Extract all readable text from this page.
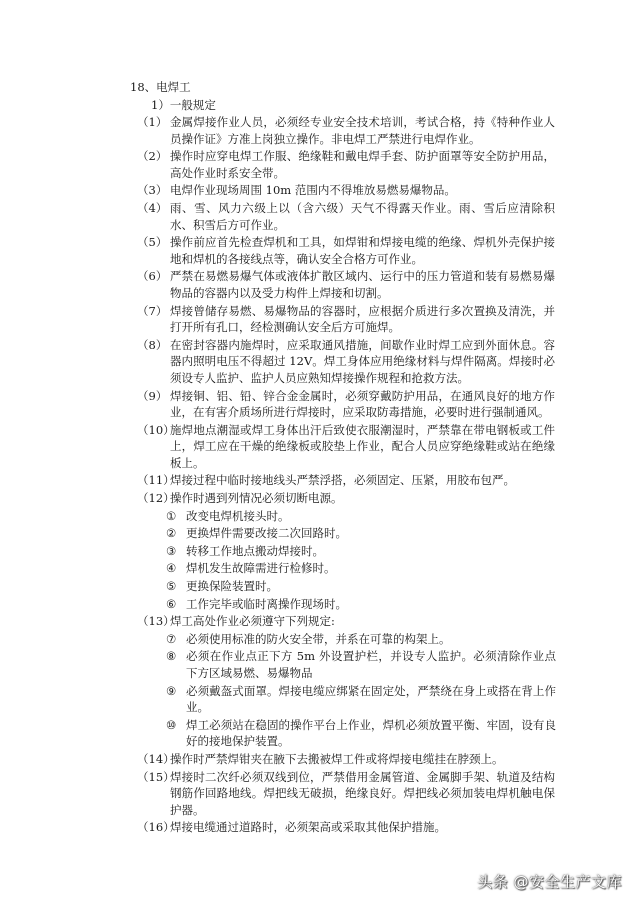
18、电焊工
1）一般规定
（1） 金属焊接作业人员，必须经专业安全技术培训，考试合格，持《特种作业人员操作证》方准上岗独立操作。非电焊工严禁进行电焊作业。
（2） 操作时应穿电焊工作服、绝缘鞋和戴电焊手套、防护面罩等安全防护用品，高处作业时系安全带。
（3） 电焊作业现场周围 10m 范围内不得堆放易燃易爆物品。
（4） 雨、雪、风力六级上以（含六级）天气不得露天作业。雨、雪后应清除积水、积雪后方可作业。
（5） 操作前应首先检查焊机和工具，如焊钳和焊接电缆的绝缘、焊机外壳保护接地和焊机的各接线点等，确认安全合格方可作业。
（6） 严禁在易燃易爆气体或液体扩散区域内、运行中的压力管道和装有易燃易爆物品的容器内以及受力构件上焊接和切割。
（7） 焊接曾储存易燃、易爆物品的容器时，应根据介质进行多次置换及清洗，并打开所有孔口，经检测确认安全后方可施焊。
（8） 在密封容器内施焊时，应采取通风措施，间歇作业时焊工应到外面休息。容器内照明电压不得超过 12V。焊工身体应用绝缘材料与焊件隔离。焊接时必须设专人监护、监护人员应熟知焊接操作规程和抢救方法。
（9） 焊接铜、铝、铅、锌合金金属时，必须穿戴防护用品，在通风良好的地方作业，在有害介质场所进行焊接时，应采取防毒措施，必要时进行强制通风。
（10）
施焊地点潮湿或焊工身体出汗后致使衣服潮湿时，严禁靠在带电钢板或工件上，焊工应在干燥的绝缘板或胶垫上作业，配合人员应穿绝缘鞋或站在绝缘板上。
（11）
焊接过程中临时接地线头严禁浮搭，必须固定、压紧，用胶布包严。
（12）
操作时遇到列情况必须切断电源。
① 改变电焊机接头时。
② 更换焊件需要改接二次回路时。
③ 转移工作地点搬动焊接时。
④ 焊机发生故障需进行检修时。
⑤ 更换保险装置时。
⑥ 工作完毕或临时离操作现场时。
（13）
焊工高处作业必须遵守下列规定:
⑦ 必须使用标准的防火安全带，并系在可靠的构架上。
⑧ 必须在作业点正下方 5m 外设置护栏，并设专人监护。必须清除作业点下方区域易燃、易爆物品
⑨ 必须戴盔式面罩。焊接电缆应绑紧在固定处，严禁绕在身上或搭在背上作业。
⑩ 焊工必须站在稳固的操作平台上作业，焊机必须放置平衡、牢固，设有良好的接地保护装置。
（14）
操作时严禁焊钳夹在腋下去搬被焊工件或将焊接电缆挂在脖颈上。
（15）
焊接时二次纤必须双线到位，严禁借用金属管道、金属脚手架、轨道及结构钢筋作回路地线。焊把线无破损，绝缘良好。焊把线必须加装电焊机触电保护器。
（16）
焊接电缆通过道路时，必须架高或采取其他保护措施。
头条 @安全生产文库
